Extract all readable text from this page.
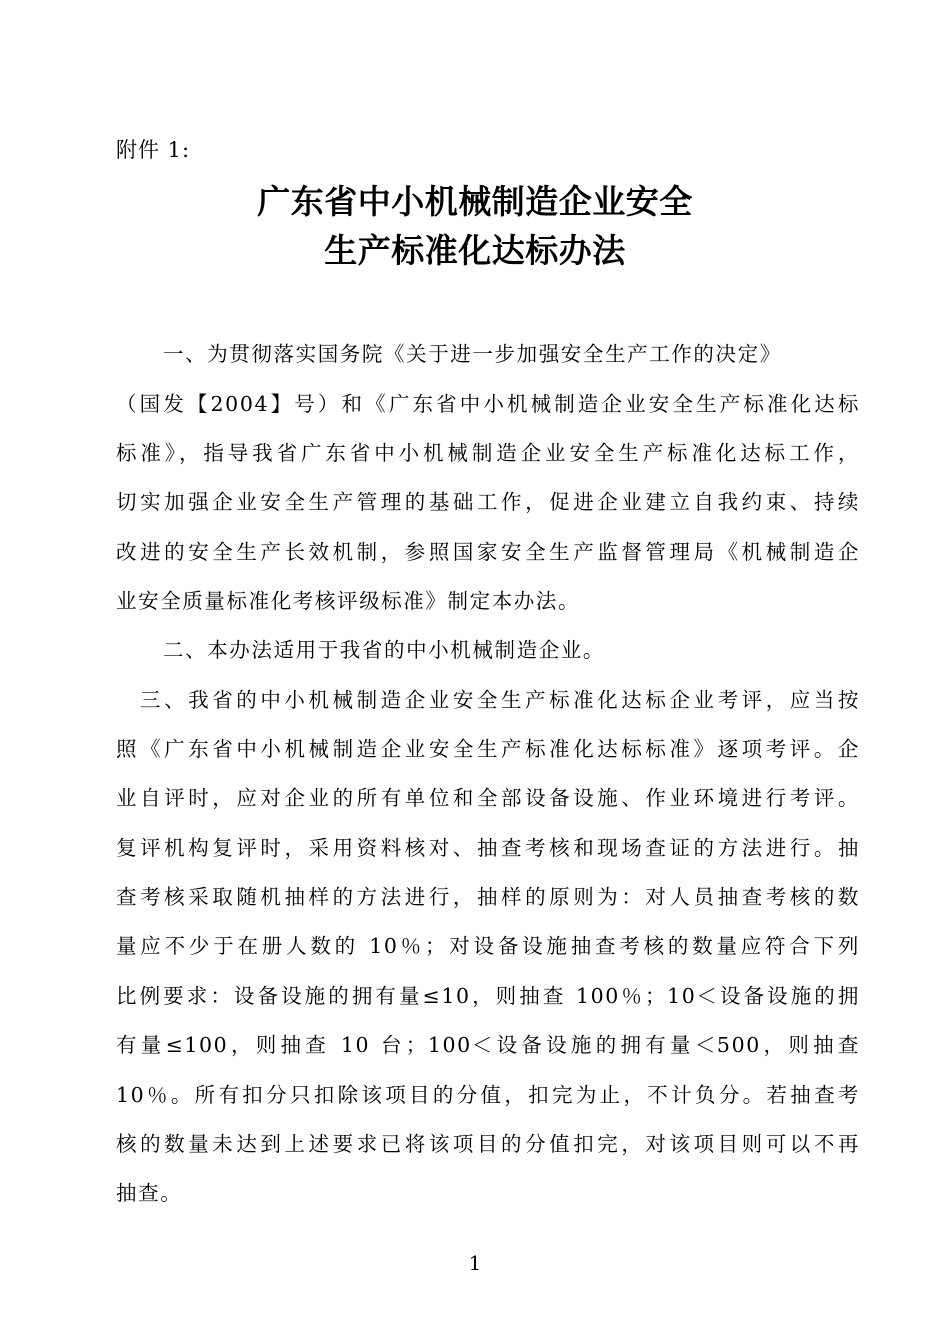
附件 1:
广东省中小机械制造企业安全
生产标准化达标办法
一、为贯彻落实国务院《关于进一步加强安全生产工作的决定》
（国发【2004】号）和《广东省中小机械制造企业安全生产标准化达标
标准》，指导我省广东省中小机械制造企业安全生产标准化达标工作，
切实加强企业安全生产管理的基础工作，促进企业建立自我约束、持续
改进的安全生产长效机制，参照国家安全生产监督管理局《机械制造企
业安全质量标准化考核评级标准》制定本办法。
二、本办法适用于我省的中小机械制造企业。
三、我省的中小机械制造企业安全生产标准化达标企业考评，应当按
照《广东省中小机械制造企业安全生产标准化达标标准》逐项考评。企
业自评时，应对企业的所有单位和全部设备设施、作业环境进行考评。
复评机构复评时，采用资料核对、抽查考核和现场查证的方法进行。抽
查考核采取随机抽样的方法进行，抽样的原则为：对人员抽查考核的数
量应不少于在册人数的 10％；对设备设施抽查考核的数量应符合下列
比例要求：设备设施的拥有量≤10，则抽查 100％；10＜设备设施的拥
有量≤100，则抽查 10 台；100＜设备设施的拥有量＜500，则抽查
10％。所有扣分只扣除该项目的分值，扣完为止，不计负分。若抽查考
核的数量未达到上述要求已将该项目的分值扣完，对该项目则可以不再
抽查。
1
